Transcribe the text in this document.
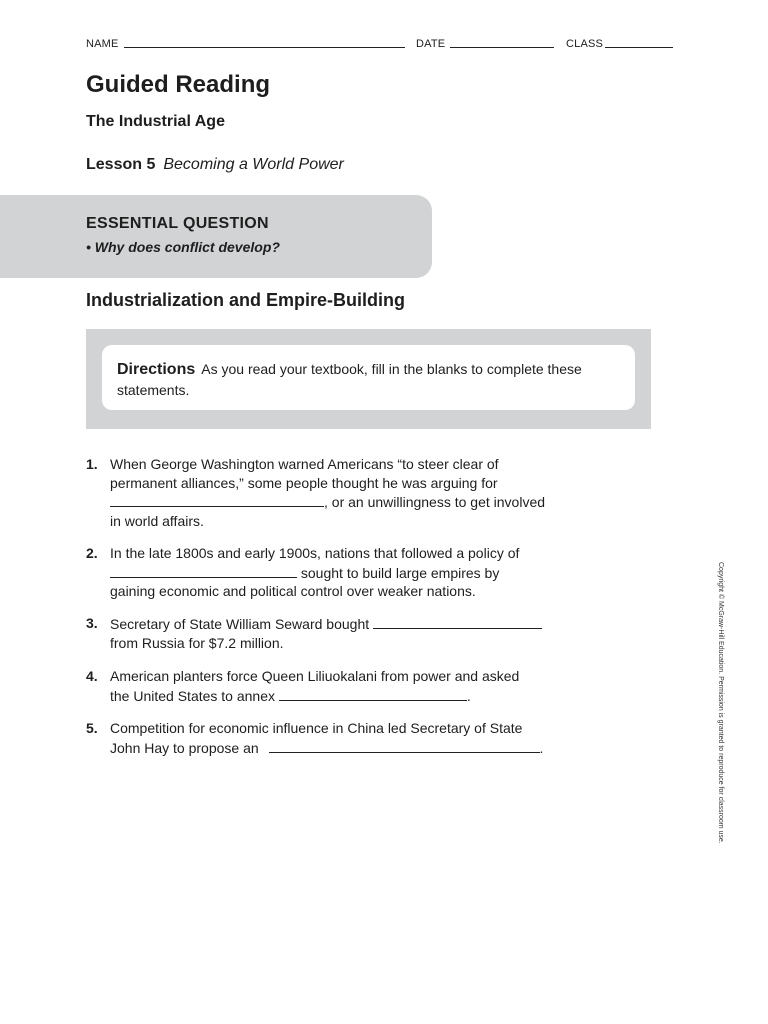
NAME	DATE	CLASS
Guided Reading
The Industrial Age
Lesson 5 Becoming a World Power
ESSENTIAL QUESTION
• Why does conflict develop?
Industrialization and Empire-Building
Directions As you read your textbook, fill in the blanks to complete these statements.
1. When George Washington warned Americans “to steer clear of
permanent alliances,” some people thought he was arguing for
, or an unwillingness to get involved
in world affairs.
2. In the late 1800s and early 1900s, nations that followed a policy of
sought to build large empires by
gaining economic and political control over weaker nations.
3. Secretary of State William Seward bought
from Russia for $7.2 million.
4. American planters force Queen Liliuokalani from power and asked
the United States to annex	.
5. Competition for economic influence in China led Secretary of State
John Hay to propose an	.	Copyright © McGraw-Hill Education. Permission is granted to reproduce for classroom use.
